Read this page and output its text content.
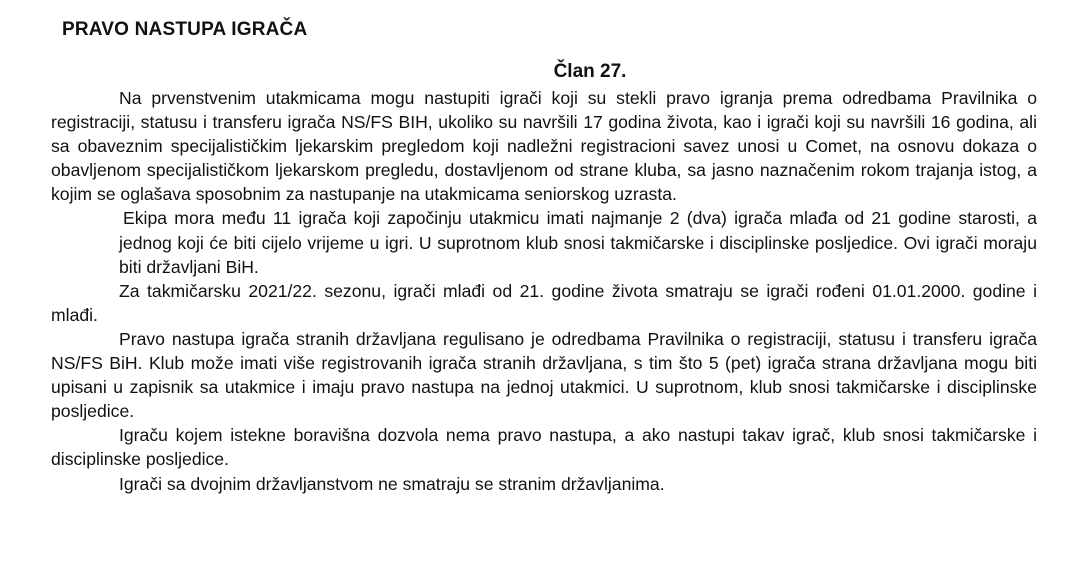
PRAVO NASTUPA IGRAČA
Član 27.

Na prvenstvenim utakmicama mogu nastupiti igrači koji su stekli pravo igranja prema odredbama Pravilnika o registraciji, statusu i transferu igrača NS/FS BIH, ukoliko su navršili 17 godina života, kao i igrači koji su navršili 16 godina, ali sa obaveznim specijalističkim ljekarskim pregledom koji nadležni registracioni savez unosi u Comet, na osnovu dokaza o obavljenom specijalističkom ljekarskom pregledu, dostavljenom od strane kluba, sa jasno naznačenim rokom trajanja istog, a kojim se oglašava sposobnim za nastupanje na utakmicama seniorskog uzrasta.

Ekipa mora među 11 igrača koji započinju utakmicu imati najmanje 2 (dva) igrača mlađa od 21 godine starosti, a jednog koji će biti cijelo vrijeme u igri. U suprotnom klub snosi takmičarske i disciplinske posljedice. Ovi igrači moraju biti državljani BiH.

Za takmičarsku 2021/22. sezonu, igrači mlađi od 21. godine života smatraju se igrači rođeni 01.01.2000. godine i mlađi.

Pravo nastupa igrača stranih državljana regulisano je odredbama Pravilnika o registraciji, statusu i transferu igrača NS/FS BiH. Klub može imati više registrovanih igrača stranih državljana, s tim što 5 (pet) igrača strana državljana mogu biti upisani u zapisnik sa utakmice i imaju pravo nastupa na jednoj utakmici. U suprotnom, klub snosi takmičarske i disciplinske posljedice.

Igraču kojem istekne boravišna dozvola nema pravo nastupa, a ako nastupi takav igrač, klub snosi takmičarske i disciplinske posljedice.

Igrači sa dvojnim državljanstvom ne smatraju se stranim državljanima.
